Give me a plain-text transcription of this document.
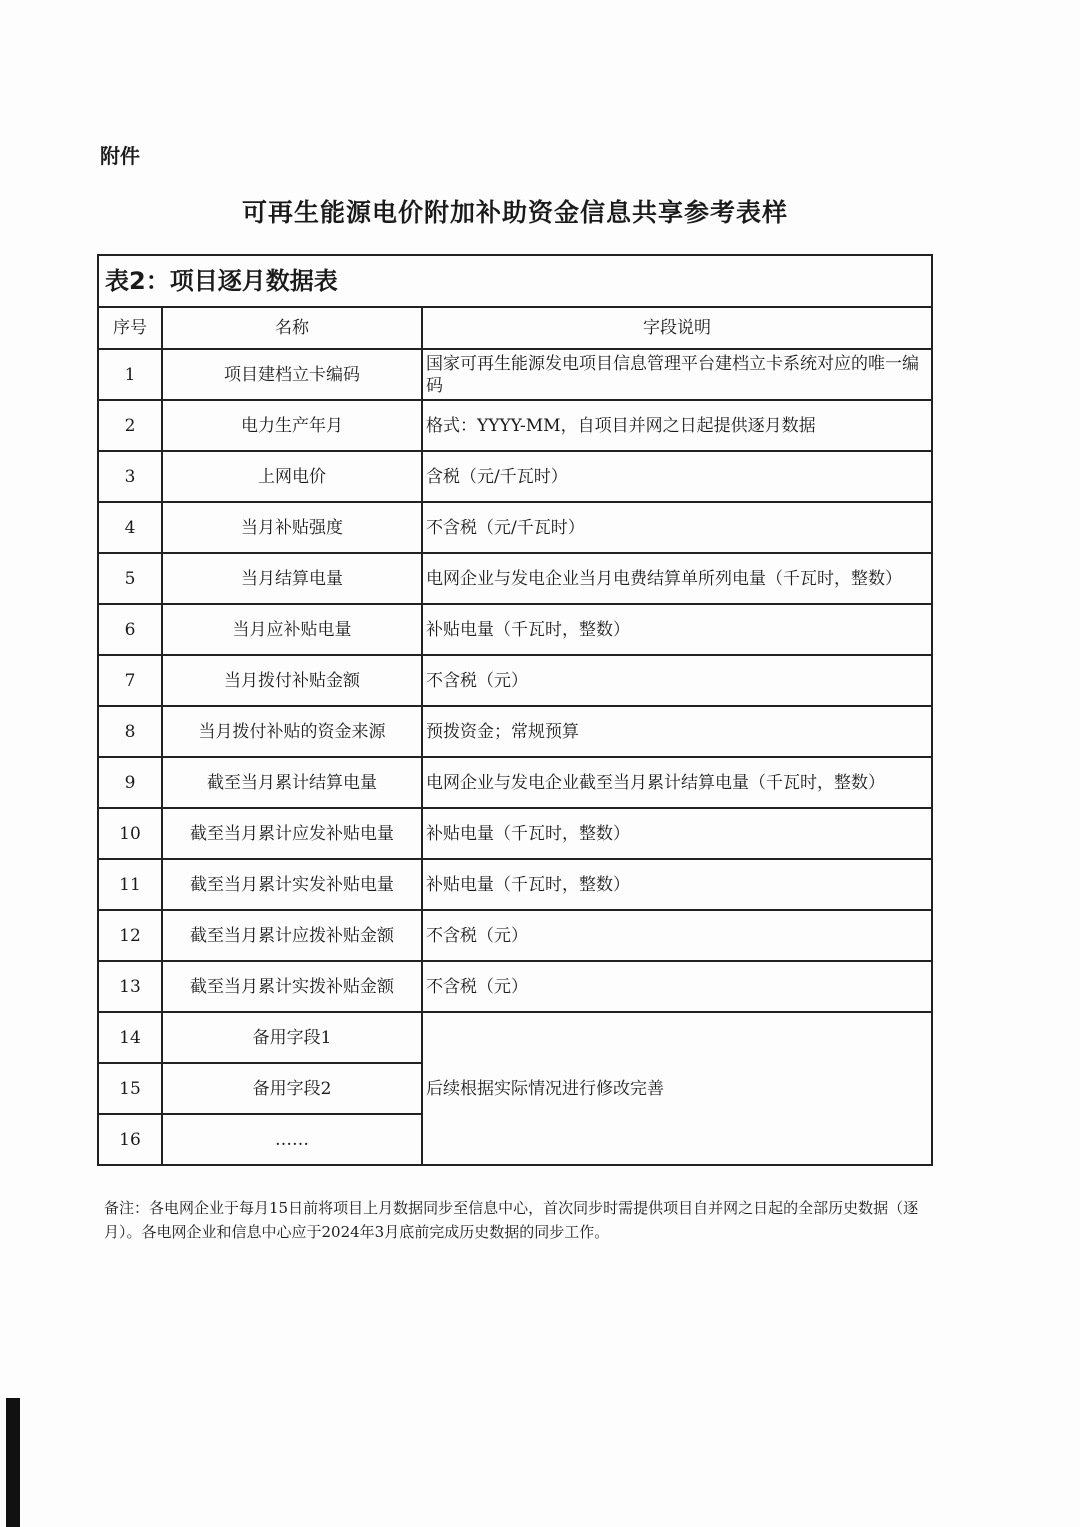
附件
可再生能源电价附加补助资金信息共享参考表样
表2：项目逐月数据表		
序号	名称	字段说明
1	项目建档立卡编码	国家可再生能源发电项目信息管理平台建档立卡系统对应的唯一编码
2	电力生产年月	格式：YYYY-MM，自项目并网之日起提供逐月数据
3	上网电价	含税（元/千瓦时）
4	当月补贴强度	不含税（元/千瓦时）
5	当月结算电量	电网企业与发电企业当月电费结算单所列电量（千瓦时，整数）
6	当月应补贴电量	补贴电量（千瓦时，整数）
7	当月拨付补贴金额	不含税（元）
8	当月拨付补贴的资金来源	预拨资金；常规预算
9	截至当月累计结算电量	电网企业与发电企业截至当月累计结算电量（千瓦时，整数）
10	截至当月累计应发补贴电量	补贴电量（千瓦时，整数）
11	截至当月累计实发补贴电量	补贴电量（千瓦时，整数）
12	截至当月累计应拨补贴金额	不含税（元）
13	截至当月累计实拨补贴金额	不含税（元）
14	备用字段1	后续根据实际情况进行修改完善
15	备用字段2	
16	……	
备注：各电网企业于每月15日前将项目上月数据同步至信息中心，首次同步时需提供项目自并网之日起的全部历史数据（逐月）。各电网企业和信息中心应于2024年3月底前完成历史数据的同步工作。
